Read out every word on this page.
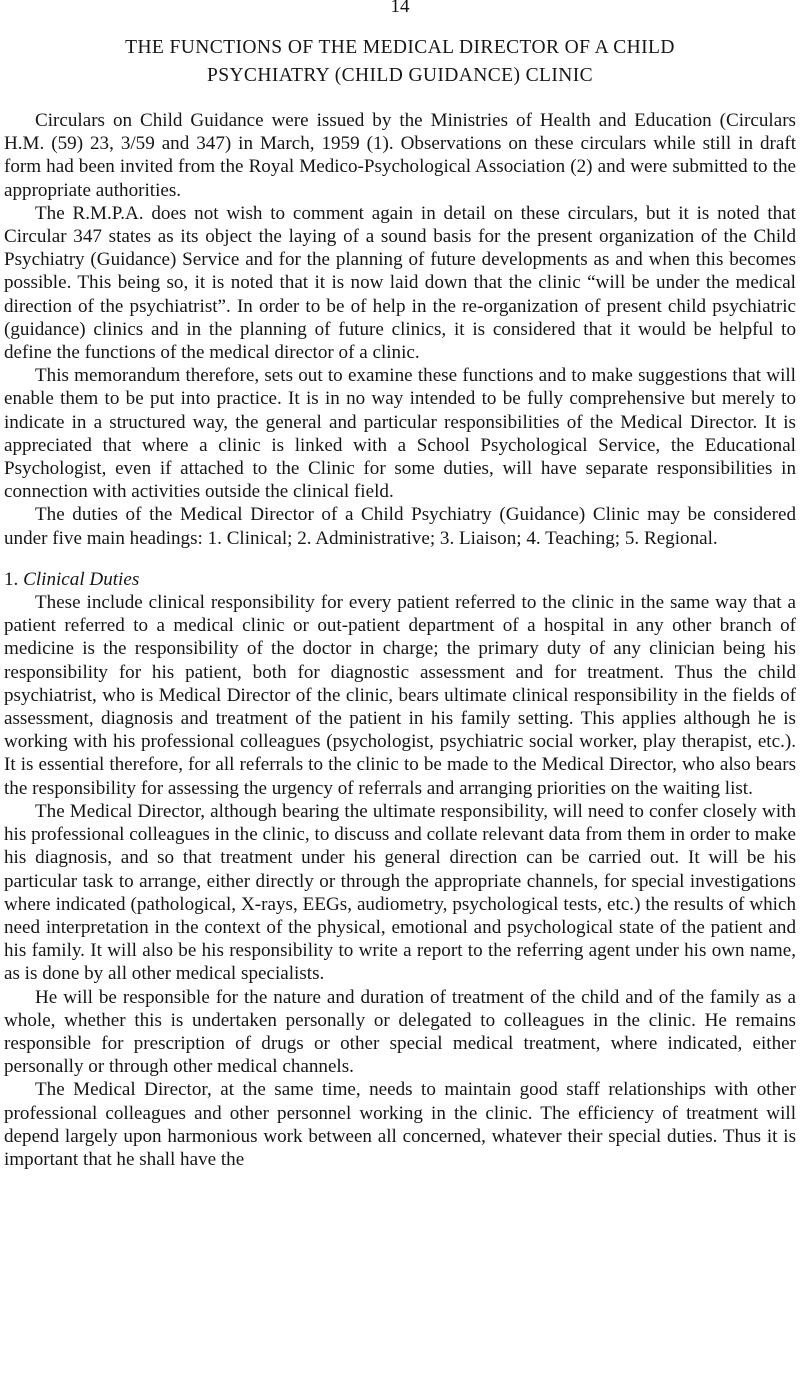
14
THE FUNCTIONS OF THE MEDICAL DIRECTOR OF A CHILD
PSYCHIATRY (CHILD GUIDANCE) CLINIC

Circulars on Child Guidance were issued by the Ministries of Health and Education (Circulars H.M. (59) 23, 3/59 and 347) in March, 1959 (1). Observations on these circulars while still in draft form had been invited from the Royal Medico-Psychological Association (2) and were submitted to the appropriate authorities.

The R.M.P.A. does not wish to comment again in detail on these circulars, but it is noted that Circular 347 states as its object the laying of a sound basis for the present organization of the Child Psychiatry (Guidance) Service and for the planning of future developments as and when this becomes possible. This being so, it is noted that it is now laid down that the clinic “will be under the medical direction of the psychiatrist”. In order to be of help in the re-organization of present child psychiatric (guidance) clinics and in the planning of future clinics, it is considered that it would be helpful to define the functions of the medical director of a clinic.

This memorandum therefore, sets out to examine these functions and to make suggestions that will enable them to be put into practice. It is in no way intended to be fully comprehensive but merely to indicate in a structured way, the general and particular responsibilities of the Medical Director. It is appreciated that where a clinic is linked with a School Psychological Service, the Educational Psychologist, even if attached to the Clinic for some duties, will have separate responsibilities in connection with activities outside the clinical field.

The duties of the Medical Director of a Child Psychiatry (Guidance) Clinic may be considered under five main headings: 1. Clinical; 2. Administrative; 3. Liaison; 4. Teaching; 5. Regional.

1. Clinical Duties

These include clinical responsibility for every patient referred to the clinic in the same way that a patient referred to a medical clinic or out-patient department of a hospital in any other branch of medicine is the responsibility of the doctor in charge; the primary duty of any clinician being his responsibility for his patient, both for diagnostic assessment and for treatment. Thus the child psychiatrist, who is Medical Director of the clinic, bears ultimate clinical responsibility in the fields of assessment, diagnosis and treatment of the patient in his family setting. This applies although he is working with his professional colleagues (psychologist, psychiatric social worker, play therapist, etc.). It is essential therefore, for all referrals to the clinic to be made to the Medical Director, who also bears the responsibility for assessing the urgency of referrals and arranging priorities on the waiting list.

The Medical Director, although bearing the ultimate responsibility, will need to confer closely with his professional colleagues in the clinic, to discuss and collate relevant data from them in order to make his diagnosis, and so that treatment under his general direction can be carried out. It will be his particular task to arrange, either directly or through the appropriate channels, for special investigations where indicated (pathological, X-rays, EEGs, audiometry, psychological tests, etc.) the results of which need interpretation in the context of the physical, emotional and psychological state of the patient and his family. It will also be his responsibility to write a report to the referring agent under his own name, as is done by all other medical specialists.

He will be responsible for the nature and duration of treatment of the child and of the family as a whole, whether this is undertaken personally or delegated to colleagues in the clinic. He remains responsible for prescription of drugs or other special medical treatment, where indicated, either personally or through other medical channels.

The Medical Director, at the same time, needs to maintain good staff relationships with other professional colleagues and other personnel working in the clinic. The efficiency of treatment will depend largely upon harmonious work between all concerned, whatever their special duties. Thus it is important that he shall have the
